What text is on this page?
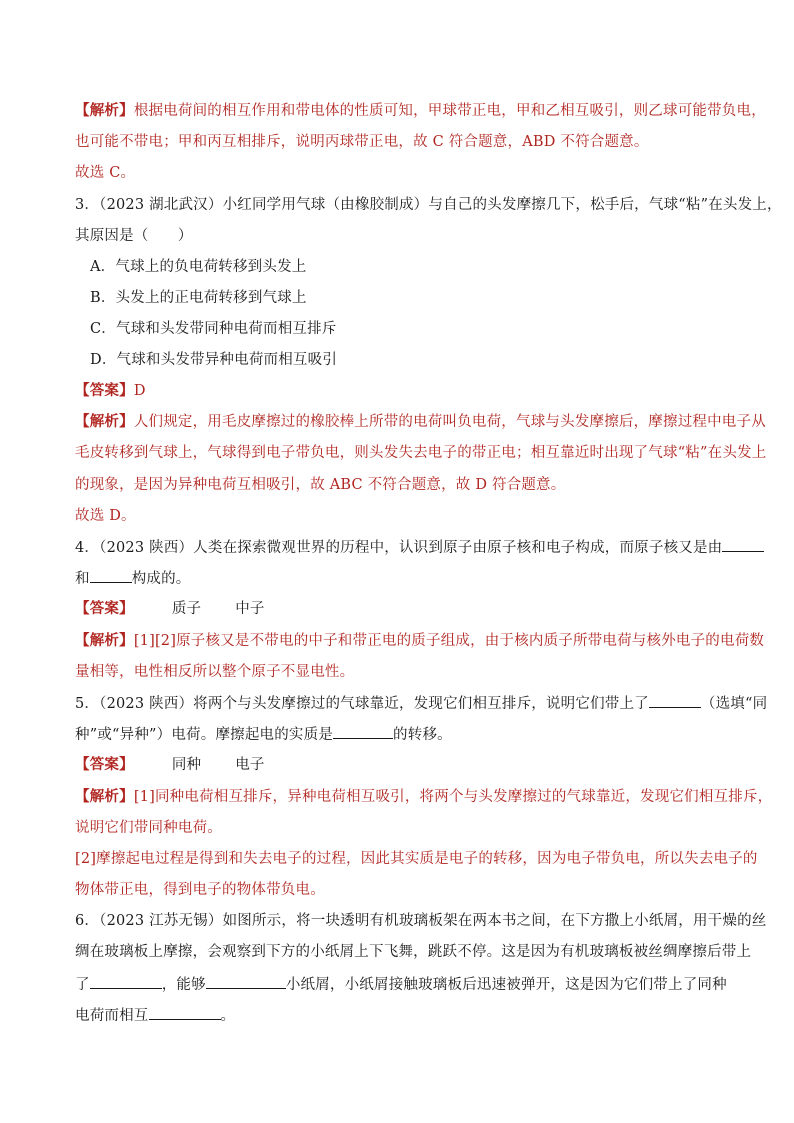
【解析】根据电荷间的相互作用和带电体的性质可知，甲球带正电，甲和乙相互吸引，则乙球可能带负电，
也可能不带电；甲和丙互相排斥，说明丙球带正电，故 C 符合题意，ABD 不符合题意。
故选 C。
3．（2023 湖北武汉）小红同学用气球（由橡胶制成）与自己的头发摩擦几下，松手后，气球“粘”在头发上，
其原因是（　　）
A．气球上的负电荷转移到头发上
B．头发上的正电荷转移到气球上
C．气球和头发带同种电荷而相互排斥
D．气球和头发带异种电荷而相互吸引
【答案】D
【解析】人们规定，用毛皮摩擦过的橡胶棒上所带的电荷叫负电荷，气球与头发摩擦后，摩擦过程中电子从
毛皮转移到气球上，气球得到电子带负电，则头发失去电子的带正电；相互靠近时出现了气球“粘”在头发上
的现象，是因为异种电荷互相吸引，故 ABC 不符合题意，故 D 符合题意。
故选 D。
4．（2023 陕西）人类在探索微观世界的历程中，认识到原子由原子核和电子构成，而原子核又是由
和	构成的。
【答案】	质子 中子
【解析】[1][2]原子核又是不带电的中子和带正电的质子组成，由于核内质子所带电荷与核外电子的电荷数
量相等，电性相反所以整个原子不显电性。
5．（2023 陕西）将两个与头发摩擦过的气球靠近，发现它们相互排斥，说明它们带上了	（选填“同
种”或“异种”）电荷。摩擦起电的实质是	的转移。
【答案】	同种 电子
【解析】[1]同种电荷相互排斥，异种电荷相互吸引，将两个与头发摩擦过的气球靠近，发现它们相互排斥，
说明它们带同种电荷。
[2]摩擦起电过程是得到和失去电子的过程，因此其实质是电子的转移，因为电子带负电，所以失去电子的
物体带正电，得到电子的物体带负电。
6．（2023 江苏无锡）如图所示，将一块透明有机玻璃板架在两本书之间，在下方撒上小纸屑，用干燥的丝
绸在玻璃板上摩擦，会观察到下方的小纸屑上下飞舞，跳跃不停。这是因为有机玻璃板被丝绸摩擦后带上
了	，能够	小纸屑，小纸屑接触玻璃板后迅速被弹开，这是因为它们带上了同种
电荷而相互	。
